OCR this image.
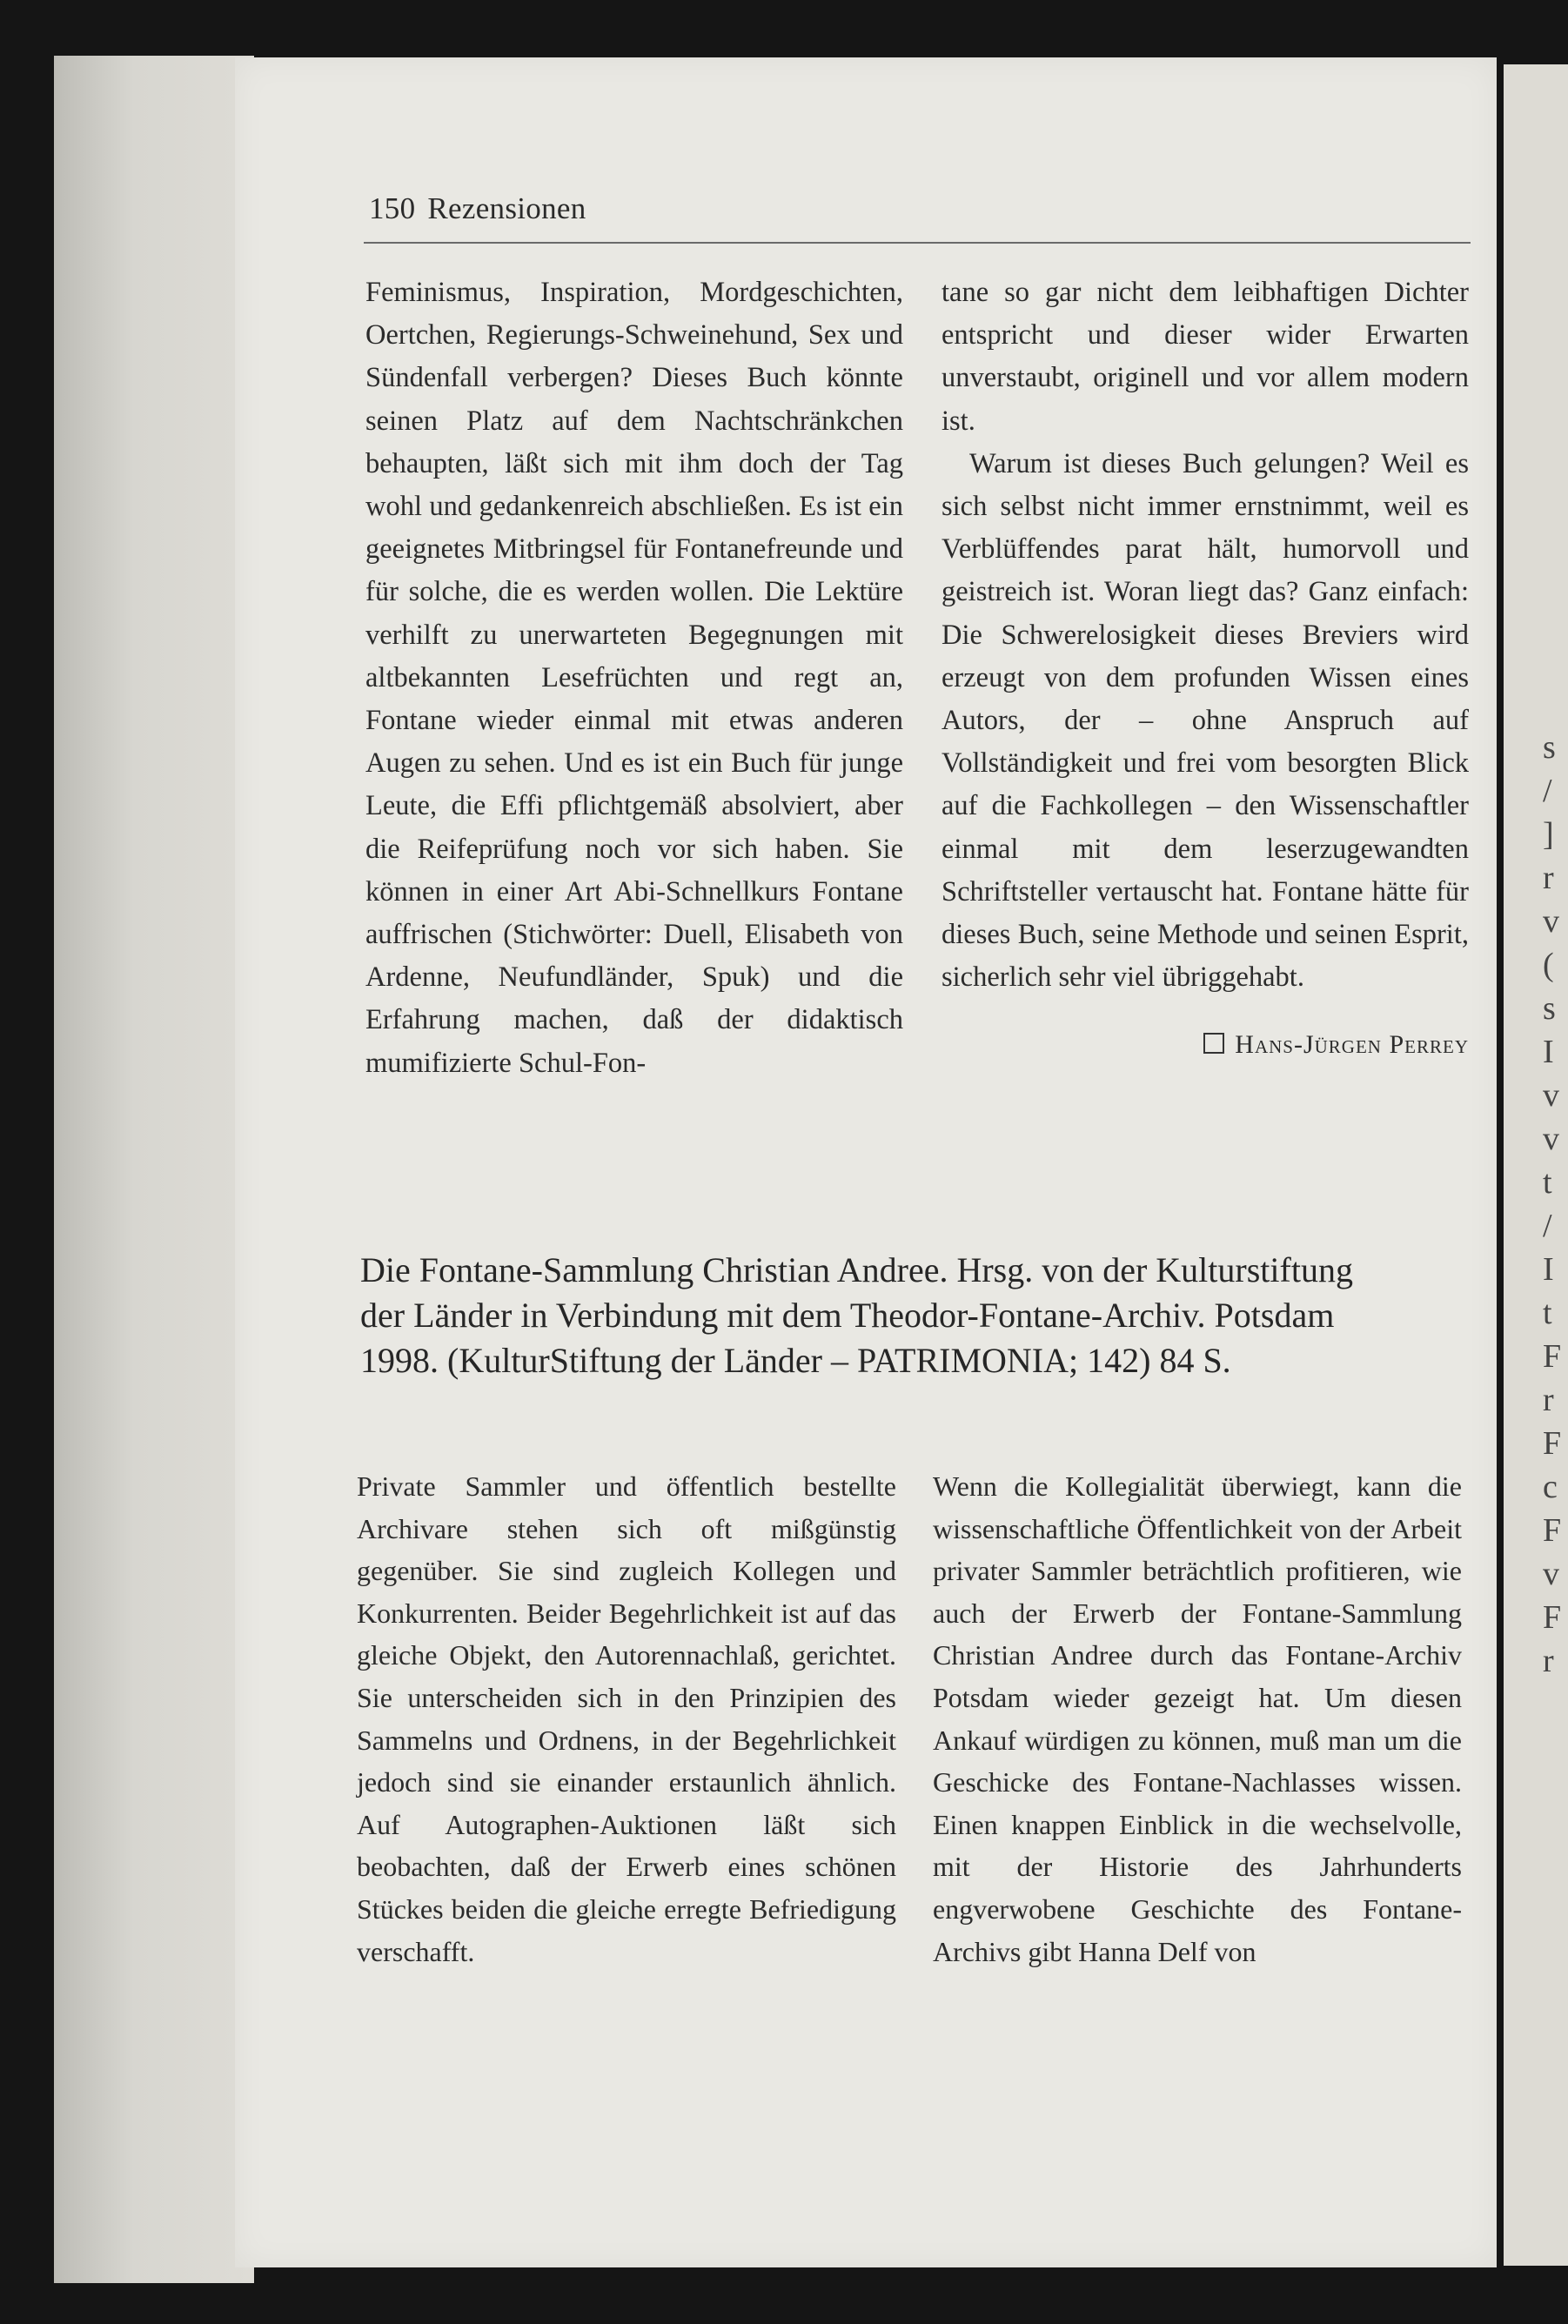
s
/
]
r
v
(
s
I
v
v
t
/
I
t
F
r
F
c
F
v
F
r
150 Rezensionen

Feminismus, Inspiration, Mordgeschichten, Oertchen, Regierungs-Schweinehund, Sex und Sündenfall verbergen? Dieses Buch könnte seinen Platz auf dem Nachtschränkchen behaupten, läßt sich mit ihm doch der Tag wohl und gedankenreich abschließen. Es ist ein geeignetes Mitbringsel für Fontanefreunde und für solche, die es werden wollen. Die Lektüre verhilft zu unerwarteten Begegnungen mit altbekannten Lesefrüchten und regt an, Fontane wieder einmal mit etwas anderen Augen zu sehen. Und es ist ein Buch für junge Leute, die Effi pflichtgemäß absolviert, aber die Reifeprüfung noch vor sich haben. Sie können in einer Art Abi-Schnellkurs Fontane auffrischen (Stichwörter: Duell, Elisabeth von Ardenne, Neufundländer, Spuk) und die Erfahrung machen, daß der didaktisch mumifizierte Schul-Fon-

tane so gar nicht dem leibhaftigen Dichter entspricht und dieser wider Erwarten unverstaubt, originell und vor allem modern ist.

Warum ist dieses Buch gelungen? Weil es sich selbst nicht immer ernstnimmt, weil es Verblüffendes parat hält, humorvoll und geistreich ist. Woran liegt das? Ganz einfach: Die Schwerelosigkeit dieses Breviers wird erzeugt von dem profunden Wissen eines Autors, der – ohne Anspruch auf Vollständigkeit und frei vom besorgten Blick auf die Fachkollegen – den Wissenschaftler einmal mit dem leserzugewandten Schriftsteller vertauscht hat. Fontane hätte für dieses Buch, seine Methode und seinen Esprit, sicherlich sehr viel übriggehabt.

Hans-Jürgen Perrey

Die Fontane-Sammlung Christian Andree. Hrsg. von der Kulturstiftung

der Länder in Verbindung mit dem Theodor-Fontane-Archiv. Potsdam

1998. (KulturStiftung der Länder – PATRIMONIA; 142) 84 S.

Private Sammler und öffentlich bestellte Archivare stehen sich oft mißgünstig gegenüber. Sie sind zugleich Kollegen und Konkurrenten. Beider Begehrlichkeit ist auf das gleiche Objekt, den Autorennachlaß, gerichtet. Sie unterscheiden sich in den Prinzipien des Sammelns und Ordnens, in der Begehrlichkeit jedoch sind sie einander erstaunlich ähnlich. Auf Autographen-Auktionen läßt sich beobachten, daß der Erwerb eines schönen Stückes beiden die gleiche erregte Befriedigung verschafft.

Wenn die Kollegialität überwiegt, kann die wissenschaftliche Öffentlichkeit von der Arbeit privater Sammler beträchtlich profitieren, wie auch der Erwerb der Fontane-Sammlung Christian Andree durch das Fontane-Archiv Potsdam wieder gezeigt hat. Um diesen Ankauf würdigen zu können, muß man um die Geschicke des Fontane-Nachlasses wissen. Einen knappen Einblick in die wechselvolle, mit der Historie des Jahrhunderts engverwobene Geschichte des Fontane-Archivs gibt Hanna Delf von
